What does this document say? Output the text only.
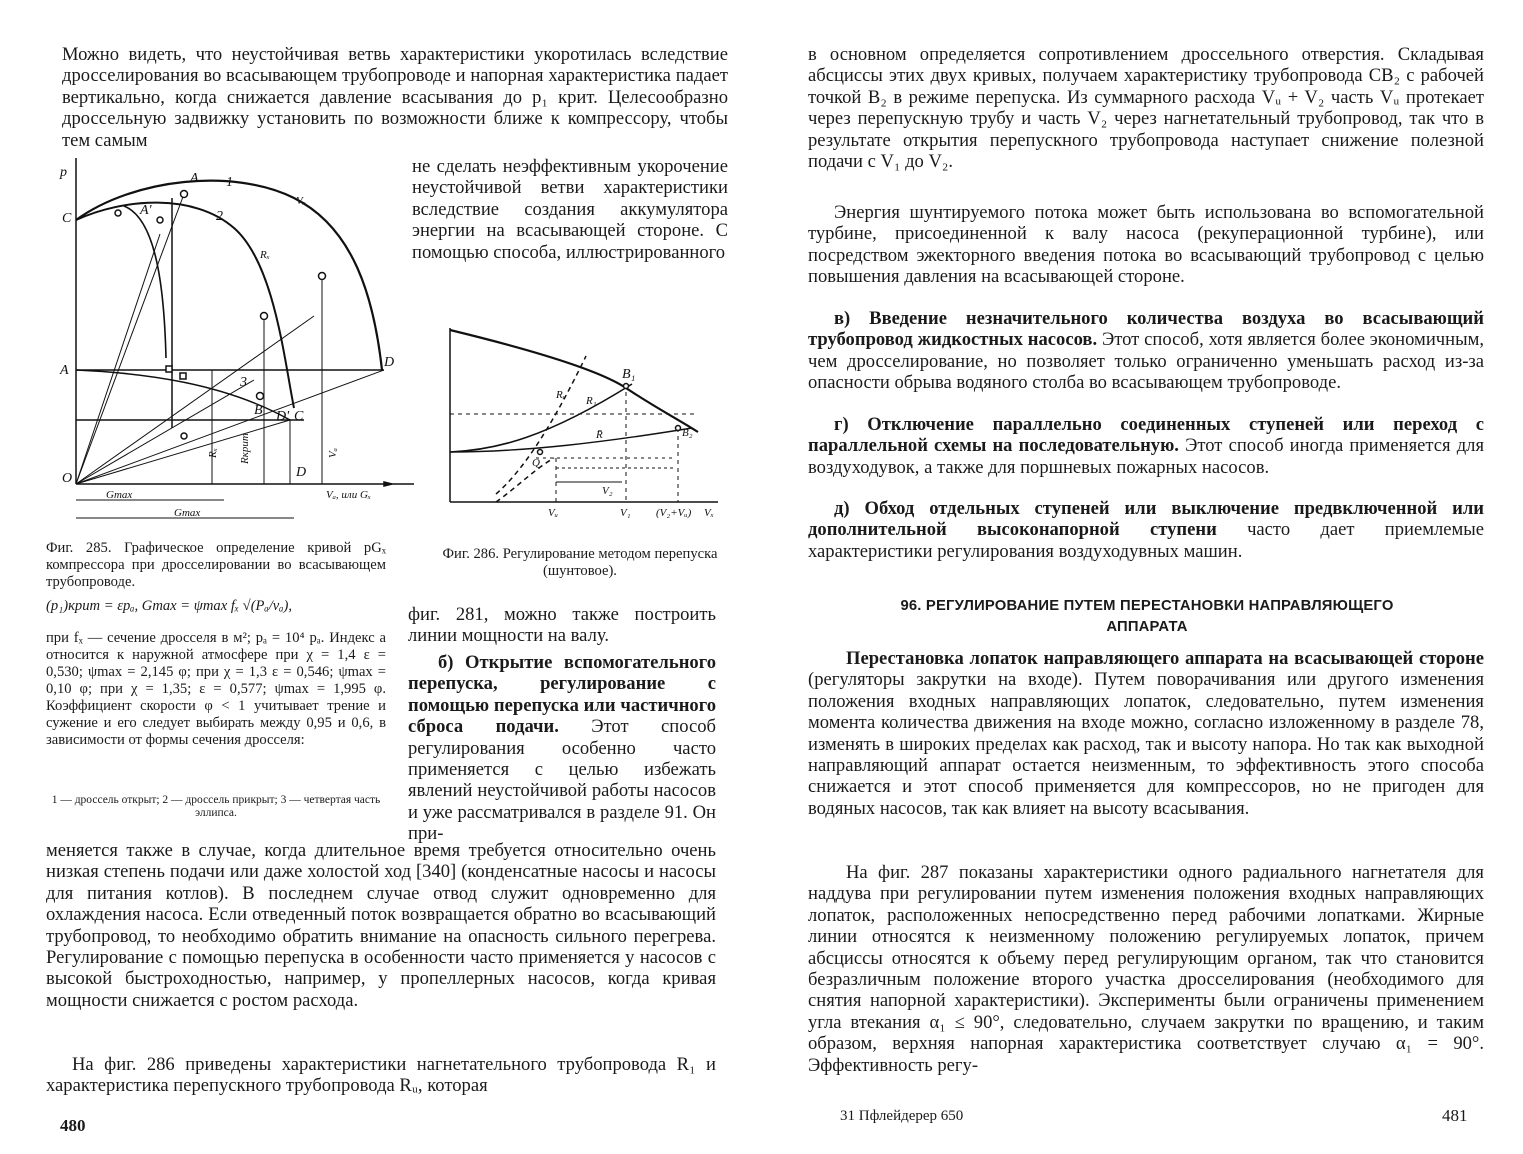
Можно видеть, что неустойчивая ветвь характеристики укоротилась вследствие дросселирования во всасывающем трубопроводе и напорная характеристика падает вертикально, когда снижается давление всасывания до p₁ крит. Целесообразно дроссельную задвижку установить по возможности ближе к компрессору, чтобы тем самым

p
C
A
A'
1
2
Vₓ
Rₓ
A
D
3
B D' C
D
O
Rₓ Rкрит	Vₐ
Vₐ, или Gₓ
Gmax
Gmax

не сделать неэффективным укорочение неустойчивой ветви характеристики вследствие создания аккумулятора энергии на всасывающей стороне. С помощью способа, иллюстрированного

B₁
Rᵤ R₁
R̄	B₂
Q
V₂
Vᵤ	V₁ (V₂+Vᵤ) Vₓ

Фиг. 286. Регулирование методом перепуска (шунтовое).

Фиг. 285. Графическое определение кривой pGₓ компрессора при дросселировании во всасывающем трубопроводе.

(p₁)крит = εpₐ, Gmax = ψmax fₓ √(Pₐ/vₐ),

при fₓ — сечение дросселя в м²; pₐ = 10⁴ pₐ. Индекс a относится к наружной атмосфере при χ = 1,4 ε = 0,530; ψmax = 2,145 φ; при χ = 1,3 ε = 0,546; ψmax = 0,10 φ; при χ = 1,35; ε = 0,577; ψmax = 1,995 φ. Коэффициент скорости φ < 1 учитывает трение и сужение и его следует выбирать между 0,95 и 0,6, в зависимости от формы сечения дросселя:

1 — дроссель открыт; 2 — дроссель прикрыт; 3 — четвертая часть эллипса.

фиг. 281, можно также построить линии мощности на валу.

б) Открытие вспомогательного перепуска, регулирование с помощью перепуска или частичного сброса подачи. Этот способ регулирования особенно часто применяется с целью избежать явлений неустойчивой работы насосов и уже рассматривался в разделе 91. Он при-

меняется также в случае, когда длительное время требуется относительно очень низкая степень подачи или даже холостой ход [340] (конденсатные насосы и насосы для питания котлов). В последнем случае отвод служит одновременно для охлаждения насоса. Если отведенный поток возвращается обратно во всасывающий трубопровод, то необходимо обратить внимание на опасность сильного перегрева. Регулирование с помощью перепуска в особенности часто применяется у насосов с высокой быстроходностью, например, у пропеллерных насосов, когда кривая мощности снижается с ростом расхода.

На фиг. 286 приведены характеристики нагнетательного трубопровода R₁ и характеристика перепускного трубопровода Rᵤ, которая

480

в основном определяется сопротивлением дроссельного отверстия. Складывая абсциссы этих двух кривых, получаем характеристику трубопровода CB₂ с рабочей точкой B₂ в режиме перепуска. Из суммарного расхода Vᵤ + V₂ часть Vᵤ протекает через перепускную трубу и часть V₂ через нагнетательный трубопровод, так что в результате открытия перепускного трубопровода наступает снижение полезной подачи с V₁ до V₂.

Энергия шунтируемого потока может быть использована во вспомогательной турбине, присоединенной к валу насоса (рекуперационной турбине), или посредством эжекторного введения потока во всасывающий трубопровод с целью повышения давления на всасывающей стороне.

в) Введение незначительного количества воздуха во всасывающий трубопровод жидкостных насосов. Этот способ, хотя является более экономичным, чем дросселирование, но позволяет только ограниченно уменьшать расход из-за опасности обрыва водяного столба во всасывающем трубопроводе.

г) Отключение параллельно соединенных ступеней или переход с параллельной схемы на последовательную. Этот способ иногда применяется для воздуходувок, а также для поршневых пожарных насосов.

д) Обход отдельных ступеней или выключение предвключенной или дополнительной высоконапорной ступени часто дает приемлемые характеристики регулирования воздуходувных машин.

96. РЕГУЛИРОВАНИЕ ПУТЕМ ПЕРЕСТАНОВКИ НАПРАВЛЯЮЩЕГО АППАРАТА

Перестановка лопаток направляющего аппарата на всасывающей стороне (регуляторы закрутки на входе). Путем поворачивания или другого изменения положения входных направляющих лопаток, следовательно, путем изменения момента количества движения на входе можно, согласно изложенному в разделе 78, изменять в широких пределах как расход, так и высоту напора. Но так как выходной направляющий аппарат остается неизменным, то эффективность этого способа снижается и этот способ применяется для компрессоров, но не пригоден для водяных насосов, так как влияет на высоту всасывания.

На фиг. 287 показаны характеристики одного радиального нагнетателя для наддува при регулировании путем изменения положения входных направляющих лопаток, расположенных непосредственно перед рабочими лопатками. Жирные линии относятся к неизменному положению регулируемых лопаток, причем абсциссы относятся к объему перед регулирующим органом, так что становится безразличным положение второго участка дросселирования (необходимого для снятия напорной характеристики). Эксперименты были ограничены применением угла втекания α₁ ≤ 90°, следовательно, случаем закрутки по вращению, и таким образом, верхняя напорная характеристика соответствует случаю α₁ = 90°. Эффективность регу-

31 Пфлейдерер 650	481
